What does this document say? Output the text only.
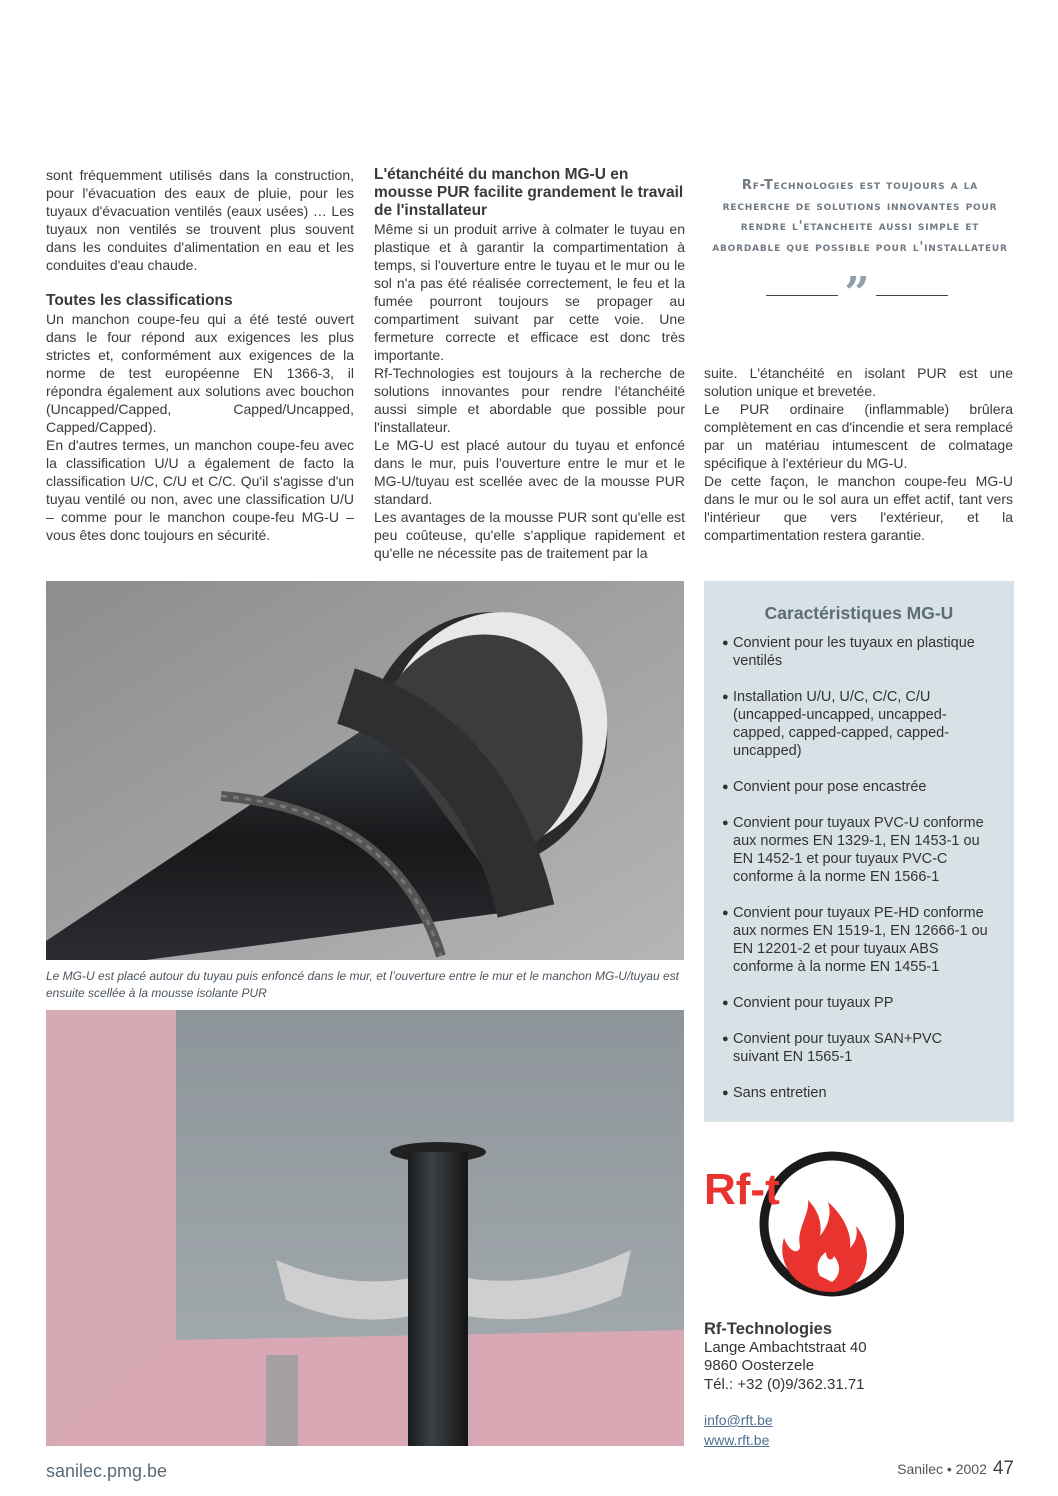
sont fréquemment utilisés dans la construction, pour l'évacuation des eaux de pluie, pour les tuyaux d'évacuation ventilés (eaux usées) … Les tuyaux non ventilés se trouvent plus souvent dans les conduites d'alimentation en eau et les conduites d'eau chaude.

Toutes les classifications

Un manchon coupe-feu qui a été testé ouvert dans le four répond aux exigences les plus strictes et, conformément aux exigences de la norme de test européenne EN 1366-3, il répondra également aux solutions avec bouchon (Uncapped/Capped, Capped/Uncapped, Capped/Capped).

En d'autres termes, un manchon coupe-feu avec la classification U/U a également de facto la classification U/C, C/U et C/C. Qu'il s'agisse d'un tuyau ventilé ou non, avec une classification U/U – comme pour le manchon coupe-feu MG-U – vous êtes donc toujours en sécurité.

L'étanchéité du manchon MG-U en mousse PUR facilite grandement le travail de l'installateur

Même si un produit arrive à colmater le tuyau en plastique et à garantir la compartimentation à temps, si l'ouverture entre le tuyau et le mur ou le sol n'a pas été réalisée correctement, le feu et la fumée pourront toujours se propager au compartiment suivant par cette voie. Une fermeture correcte et efficace est donc très importante.

Rf-Technologies est toujours à la recherche de solutions innovantes pour rendre l'étanchéité aussi simple et abordable que possible pour l'installateur.

Le MG-U est placé autour du tuyau et enfoncé dans le mur, puis l'ouverture entre le mur et le MG-U/tuyau est scellée avec de la mousse PUR standard.

Les avantages de la mousse PUR sont qu'elle est peu coûteuse, qu'elle s'applique rapidement et qu'elle ne nécessite pas de traitement par la

Rf-Technologies est toujours a la recherche de solutions innovantes pour rendre l'etancheite aussi simple et abordable que possible pour l'installateur
”

suite. L'étanchéité en isolant PUR est une solution unique et brevetée.

Le PUR ordinaire (inflammable) brûlera complètement en cas d'incendie et sera remplacé par un matériau intumescent de colmatage spécifique à l'extérieur du MG-U.

De cette façon, le manchon coupe-feu MG-U dans le mur ou le sol aura un effet actif, tant vers l'intérieur que vers l'extérieur, et la compartimentation restera garantie.

Le MG-U est placé autour du tuyau puis enfoncé dans le mur, et l’ouverture entre le mur et le manchon MG-U/tuyau est ensuite scellée à la mousse isolante PUR
Caractéristiques MG-U
● Convient pour les tuyaux en plastique ventilés
● Installation U/U, U/C, C/C, C/U (uncapped-uncapped, uncapped-capped, capped-capped, capped-uncapped)
● Convient pour pose encastrée
● Convient pour tuyaux PVC-U conforme aux normes EN 1329-1, EN 1453-1 ou EN 1452-1 et pour tuyaux PVC-C conforme à la norme EN 1566-1
● Convient pour tuyaux PE-HD conforme aux normes EN 1519-1, EN 12666-1 ou EN 12201-2 et pour tuyaux ABS conforme à la norme EN 1455-1
● Convient pour tuyaux PP
● Convient pour tuyaux SAN+PVC suivant EN 1565-1
● Sans entretien
Rf-t
Rf-Technologies
Lange Ambachtstraat 40
9860 Oosterzele
Tél.: +32 (0)9/362.31.71
info@rft.be
www.rft.be
sanilec.pmg.be	Sanilec • 2002 47
